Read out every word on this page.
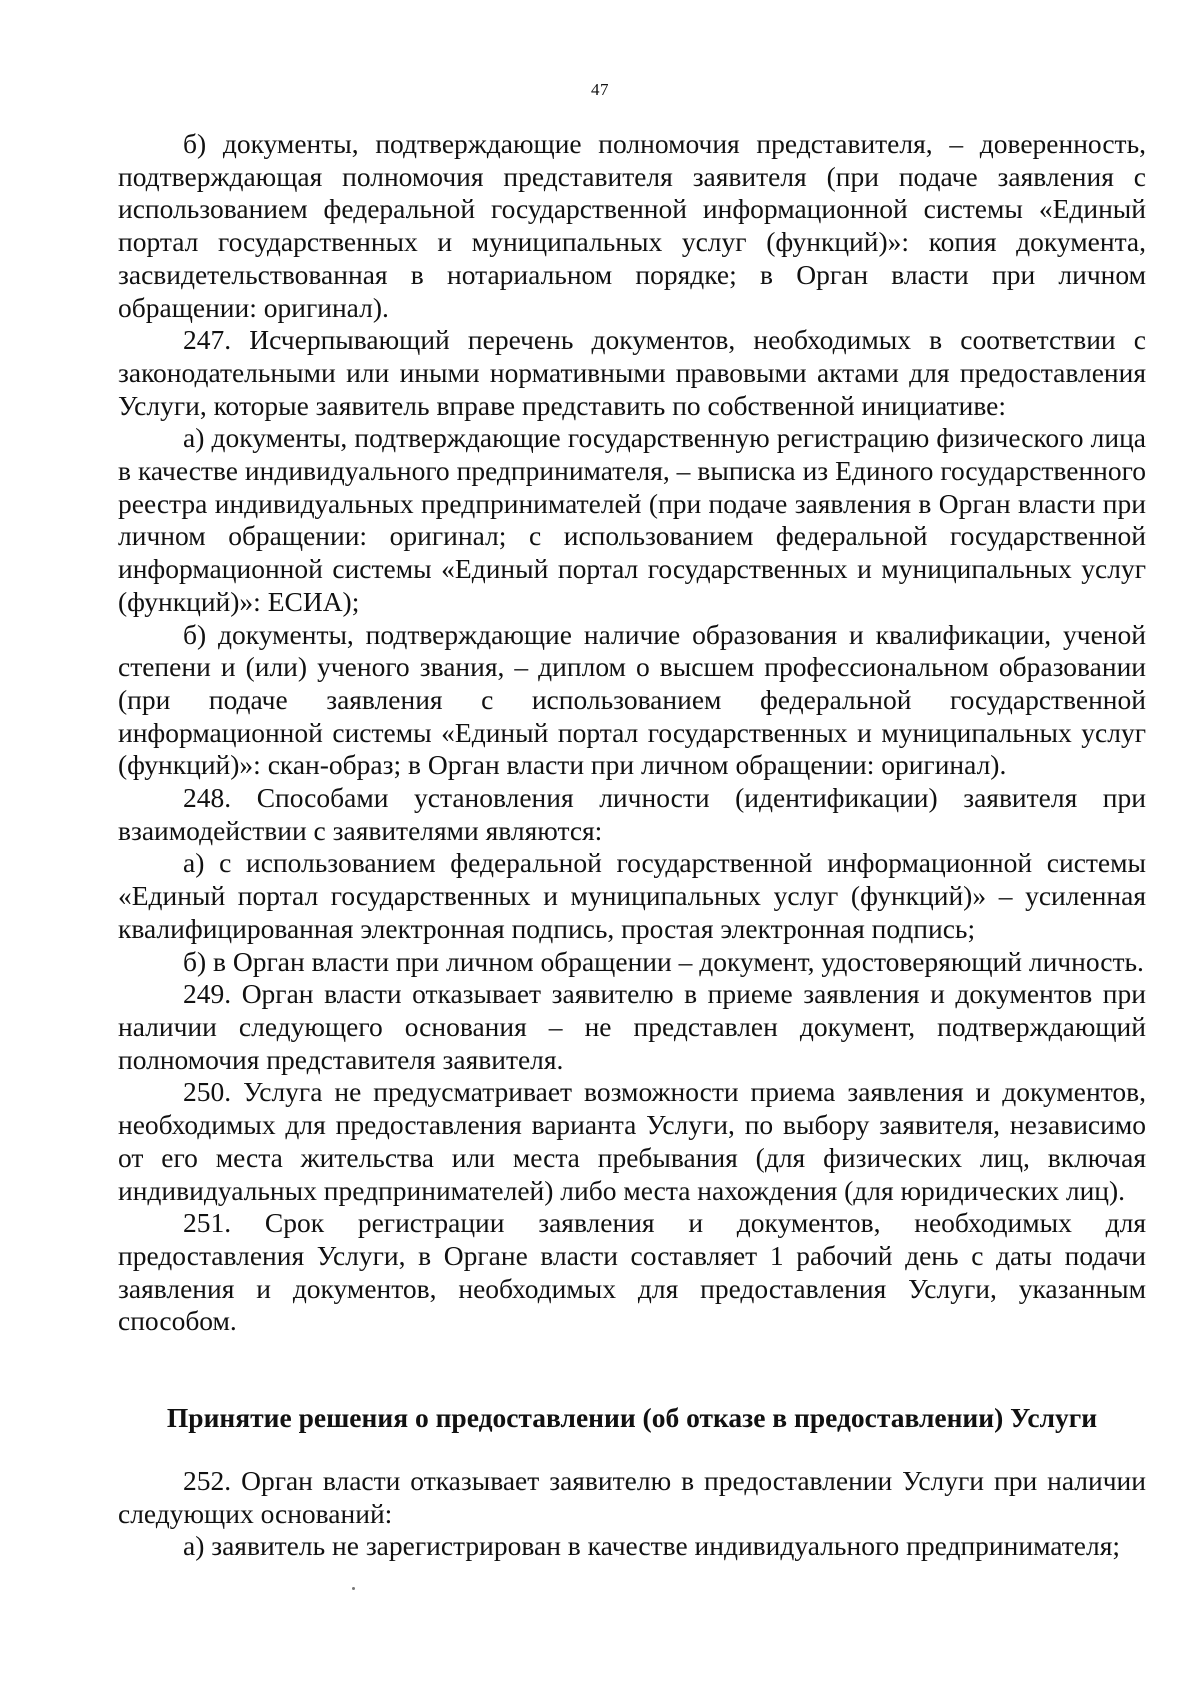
47

б) документы, подтверждающие полномочия представителя, – доверенность, подтверждающая полномочия представителя заявителя (при подаче заявления с использованием федеральной государственной информационной системы «Единый портал государственных и муниципальных услуг (функций)»: копия документа, засвидетельствованная в нотариальном порядке; в Орган власти при личном обращении: оригинал).

247. Исчерпывающий перечень документов, необходимых в соответствии с законодательными или иными нормативными правовыми актами для предоставления Услуги, которые заявитель вправе представить по собственной инициативе:

а) документы, подтверждающие государственную регистрацию физического лица в качестве индивидуального предпринимателя, – выписка из Единого государственного реестра индивидуальных предпринимателей (при подаче заявления в Орган власти при личном обращении: оригинал; с использованием федеральной государственной информационной системы «Единый портал государственных и муниципальных услуг (функций)»: ЕСИА);

б) документы, подтверждающие наличие образования и квалификации, ученой степени и (или) ученого звания, – диплом о высшем профессиональном образовании (при подаче заявления с использованием федеральной государственной информационной системы «Единый портал государственных и муниципальных услуг (функций)»: скан-образ; в Орган власти при личном обращении: оригинал).

248. Способами установления личности (идентификации) заявителя при взаимодействии с заявителями являются:

а) с использованием федеральной государственной информационной системы «Единый портал государственных и муниципальных услуг (функций)» – усиленная квалифицированная электронная подпись, простая электронная подпись;

б) в Орган власти при личном обращении – документ, удостоверяющий личность.

249. Орган власти отказывает заявителю в приеме заявления и документов при наличии следующего основания – не представлен документ, подтверждающий полномочия представителя заявителя.

250. Услуга не предусматривает возможности приема заявления и документов, необходимых для предоставления варианта Услуги, по выбору заявителя, независимо от его места жительства или места пребывания (для физических лиц, включая индивидуальных предпринимателей) либо места нахождения (для юридических лиц).

251. Срок регистрации заявления и документов, необходимых для предоставления Услуги, в Органе власти составляет 1 рабочий день с даты подачи заявления и документов, необходимых для предоставления Услуги, указанным способом.

Принятие решения о предоставлении (об отказе в предоставлении) Услуги

252. Орган власти отказывает заявителю в предоставлении Услуги при наличии следующих оснований:

а) заявитель не зарегистрирован в качестве индивидуального предпринимателя;
